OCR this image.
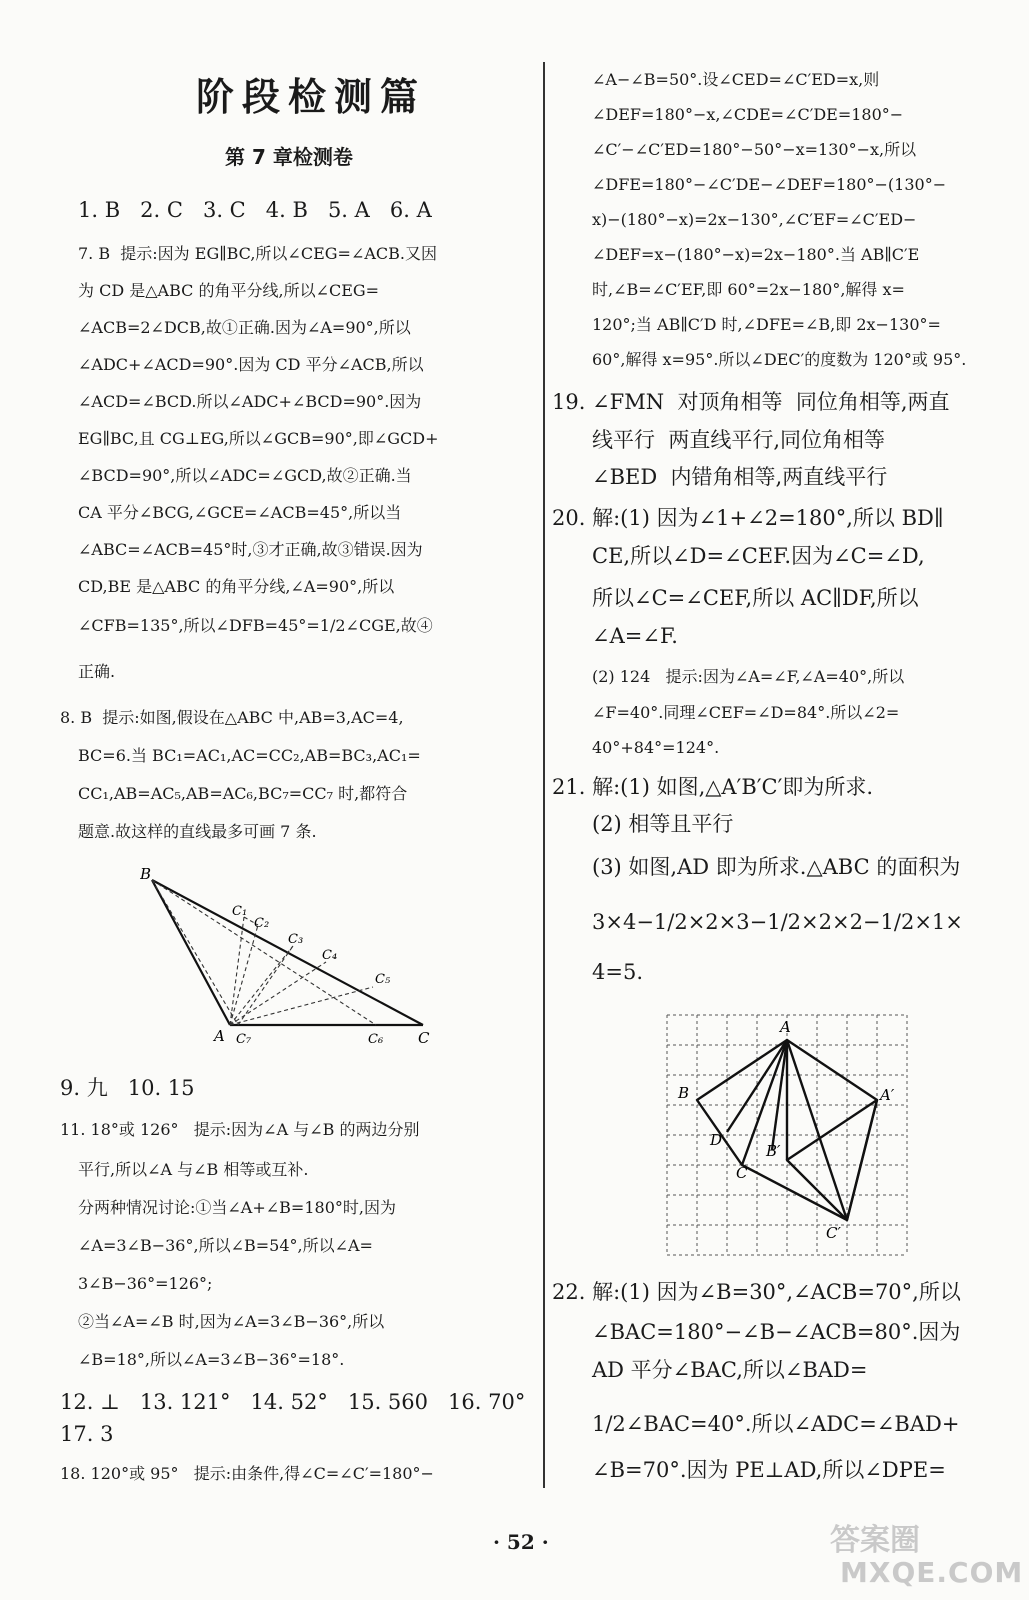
阶段检测篇
第 7 章检测卷
1. B   2. C   3. C   4. B   5. A   6. A
7. B  提示:因为 EG∥BC,所以∠CEG=∠ACB.又因
为 CD 是△ABC 的角平分线,所以∠CEG=
∠ACB=2∠DCB,故①正确.因为∠A=90°,所以
∠ADC+∠ACD=90°.因为 CD 平分∠ACB,所以
∠ACD=∠BCD.所以∠ADC+∠BCD=90°.因为
EG∥BC,且 CG⊥EG,所以∠GCB=90°,即∠GCD+
∠BCD=90°,所以∠ADC=∠GCD,故②正确.当
CA 平分∠BCG,∠GCE=∠ACB=45°,所以当
∠ABC=∠ACB=45°时,③才正确,故③错误.因为
CD,BE 是△ABC 的角平分线,∠A=90°,所以
∠CFB=135°,所以∠DFB=45°=1/2∠CGE,故④
正确.
8. B  提示:如图,假设在△ABC 中,AB=3,AC=4,
BC=6.当 BC₁=AC₁,AC=CC₂,AB=BC₃,AC₁=
CC₁,AB=AC₅,AB=AC₆,BC₇=CC₇ 时,都符合
题意.故这样的直线最多可画 7 条.
B
C₁
C₂
C₃
C₄
C₅
A C₇	C₆ C
9. 九   10. 15
11. 18°或 126°   提示:因为∠A 与∠B 的两边分别
平行,所以∠A 与∠B 相等或互补.
分两种情况讨论:①当∠A+∠B=180°时,因为
∠A=3∠B−36°,所以∠B=54°,所以∠A=
3∠B−36°=126°;
②当∠A=∠B 时,因为∠A=3∠B−36°,所以
∠B=18°,所以∠A=3∠B−36°=18°.
12. ⊥   13. 121°   14. 52°   15. 560   16. 70°
17. 3
18. 120°或 95°   提示:由条件,得∠C=∠C′=180°−
∠A−∠B=50°.设∠CED=∠C′ED=x,则
∠DEF=180°−x,∠CDE=∠C′DE=180°−
∠C′−∠C′ED=180°−50°−x=130°−x,所以
∠DFE=180°−∠C′DE−∠DEF=180°−(130°−
x)−(180°−x)=2x−130°,∠C′EF=∠C′ED−
∠DEF=x−(180°−x)=2x−180°.当 AB∥C′E
时,∠B=∠C′EF,即 60°=2x−180°,解得 x=
120°;当 AB∥C′D 时,∠DFE=∠B,即 2x−130°=
60°,解得 x=95°.所以∠DEC′的度数为 120°或 95°.
19. ∠FMN  对顶角相等  同位角相等,两直
线平行  两直线平行,同位角相等
∠BED  内错角相等,两直线平行
20. 解:(1) 因为∠1+∠2=180°,所以 BD∥
CE,所以∠D=∠CEF.因为∠C=∠D,
所以∠C=∠CEF,所以 AC∥DF,所以
∠A=∠F.
(2) 124   提示:因为∠A=∠F,∠A=40°,所以
∠F=40°.同理∠CEF=∠D=84°.所以∠2=
40°+84°=124°.
21. 解:(1) 如图,△A′B′C′即为所求.
(2) 相等且平行
(3) 如图,AD 即为所求.△ABC 的面积为
3×4−1/2×2×3−1/2×2×2−1/2×1×
4=5.
A
B	A′
D
B′
C
C′
22. 解:(1) 因为∠B=30°,∠ACB=70°,所以
∠BAC=180°−∠B−∠ACB=80°.因为
AD 平分∠BAC,所以∠BAD=
1/2∠BAC=40°.所以∠ADC=∠BAD+
∠B=70°.因为 PE⊥AD,所以∠DPE=
· 52 ·	答案圈
MXQE.COM
